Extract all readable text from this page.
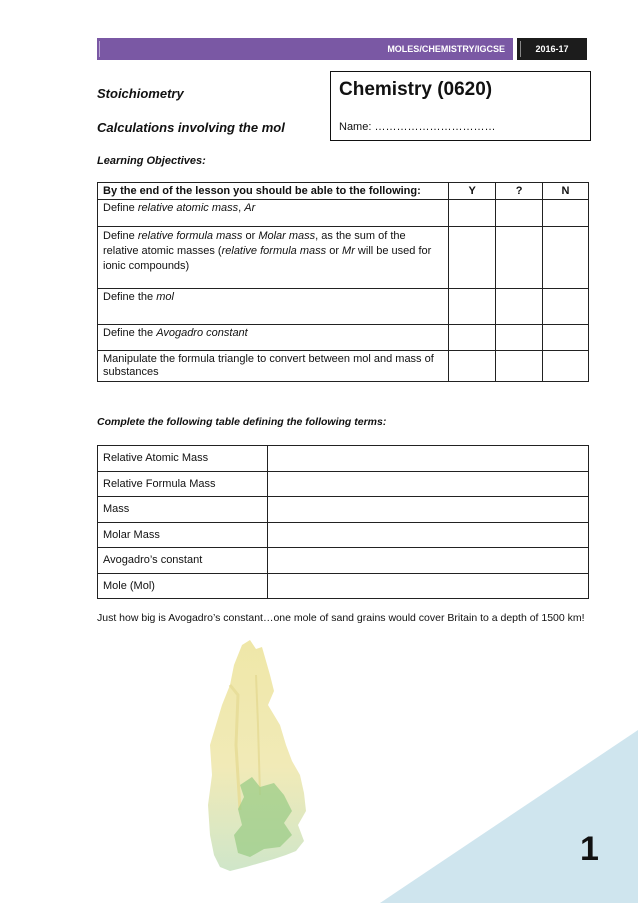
MOLES/CHEMISTRY/IGCSE	2016-17
Stoichiometry
Calculations involving the mol
Chemistry (0620)
Name: ……………………………
Learning Objectives:
By the end of the lesson you should be able to the following:	Y	?	N
Define relative atomic mass, Ar			
Define relative formula mass or Molar mass, as the sum of the relative atomic masses (relative formula mass or Mr will be used for ionic compounds)			
Define the mol			
Define the Avogadro constant			
Manipulate the formula triangle to convert between mol and mass of substances			
Complete the following table defining the following terms:
Relative Atomic Mass	
Relative Formula Mass	
Mass	
Molar Mass	
Avogadro’s constant	
Mole (Mol)	
Just how big is Avogadro’s constant…one mole of sand grains would cover Britain to a depth of 1500 km!
1
